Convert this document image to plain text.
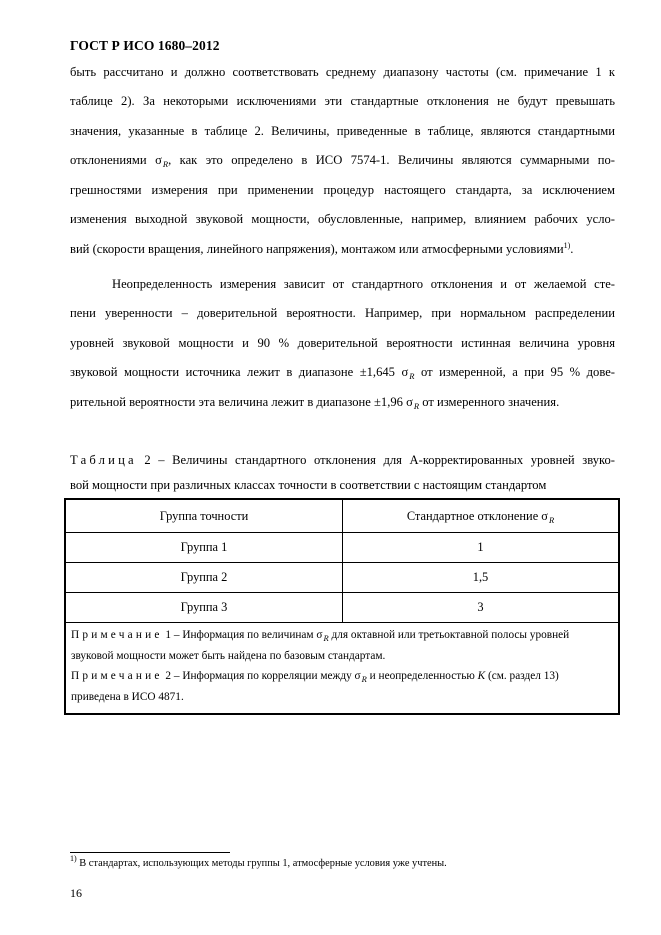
ГОСТ Р ИСО 1680–2012
быть рассчитано и должно соответствовать среднему диапазону частоты (см. примечание 1 к
таблице 2). За некоторыми исключениями эти стандартные отклонения не будут превышать
значения, указанные в таблице 2. Величины, приведенные в таблице, являются стандартными
отклонениями $\sigma_R$, как это определено в ИСО 7574-1. Величины являются суммарными по-
грешностями измерения при применении процедур настоящего стандарта, за исключением
изменения выходной звуковой мощности, обусловленные, например, влиянием рабочих усло-
вий (скорости вращения, линейного напряжения), монтажом или атмосферными условиями$^{1)}$.
Неопределенность измерения зависит от стандартного отклонения и от желаемой сте-
пени уверенности – доверительной вероятности. Например, при нормальном распределении
уровней звуковой мощности и 90 % доверительной вероятности истинная величина уровня
звуковой мощности источника лежит в диапазоне ±1,645 $\sigma_R$ от измеренной, а при 95 % дове-
рительной вероятности эта величина лежит в диапазоне ±1,96 $\sigma_R$ от измеренного значения.
Таблица 2 – Величины стандартного отклонения для А-корректированных уровней звуко-
вой мощности при различных классах точности в соответствии с настоящим стандартом
Группа точности	Стандартное отклонение $\sigma_R$
Группа 1	1
Группа 2	1,5
Группа 3	3

Примечание 1 – Информация по величинам $\sigma_R$ для октавной или третьоктавной полосы уровней
звуковой мощности может быть найдена по базовым стандартам.
Примечание 2 – Информация по корреляции между $\sigma_R$ и неопределенностью K (см. раздел 13)
приведена в ИСО 4871.	
$^{1)}$ В стандартах, использующих методы группы 1, атмосферные условия уже учтены.
16
